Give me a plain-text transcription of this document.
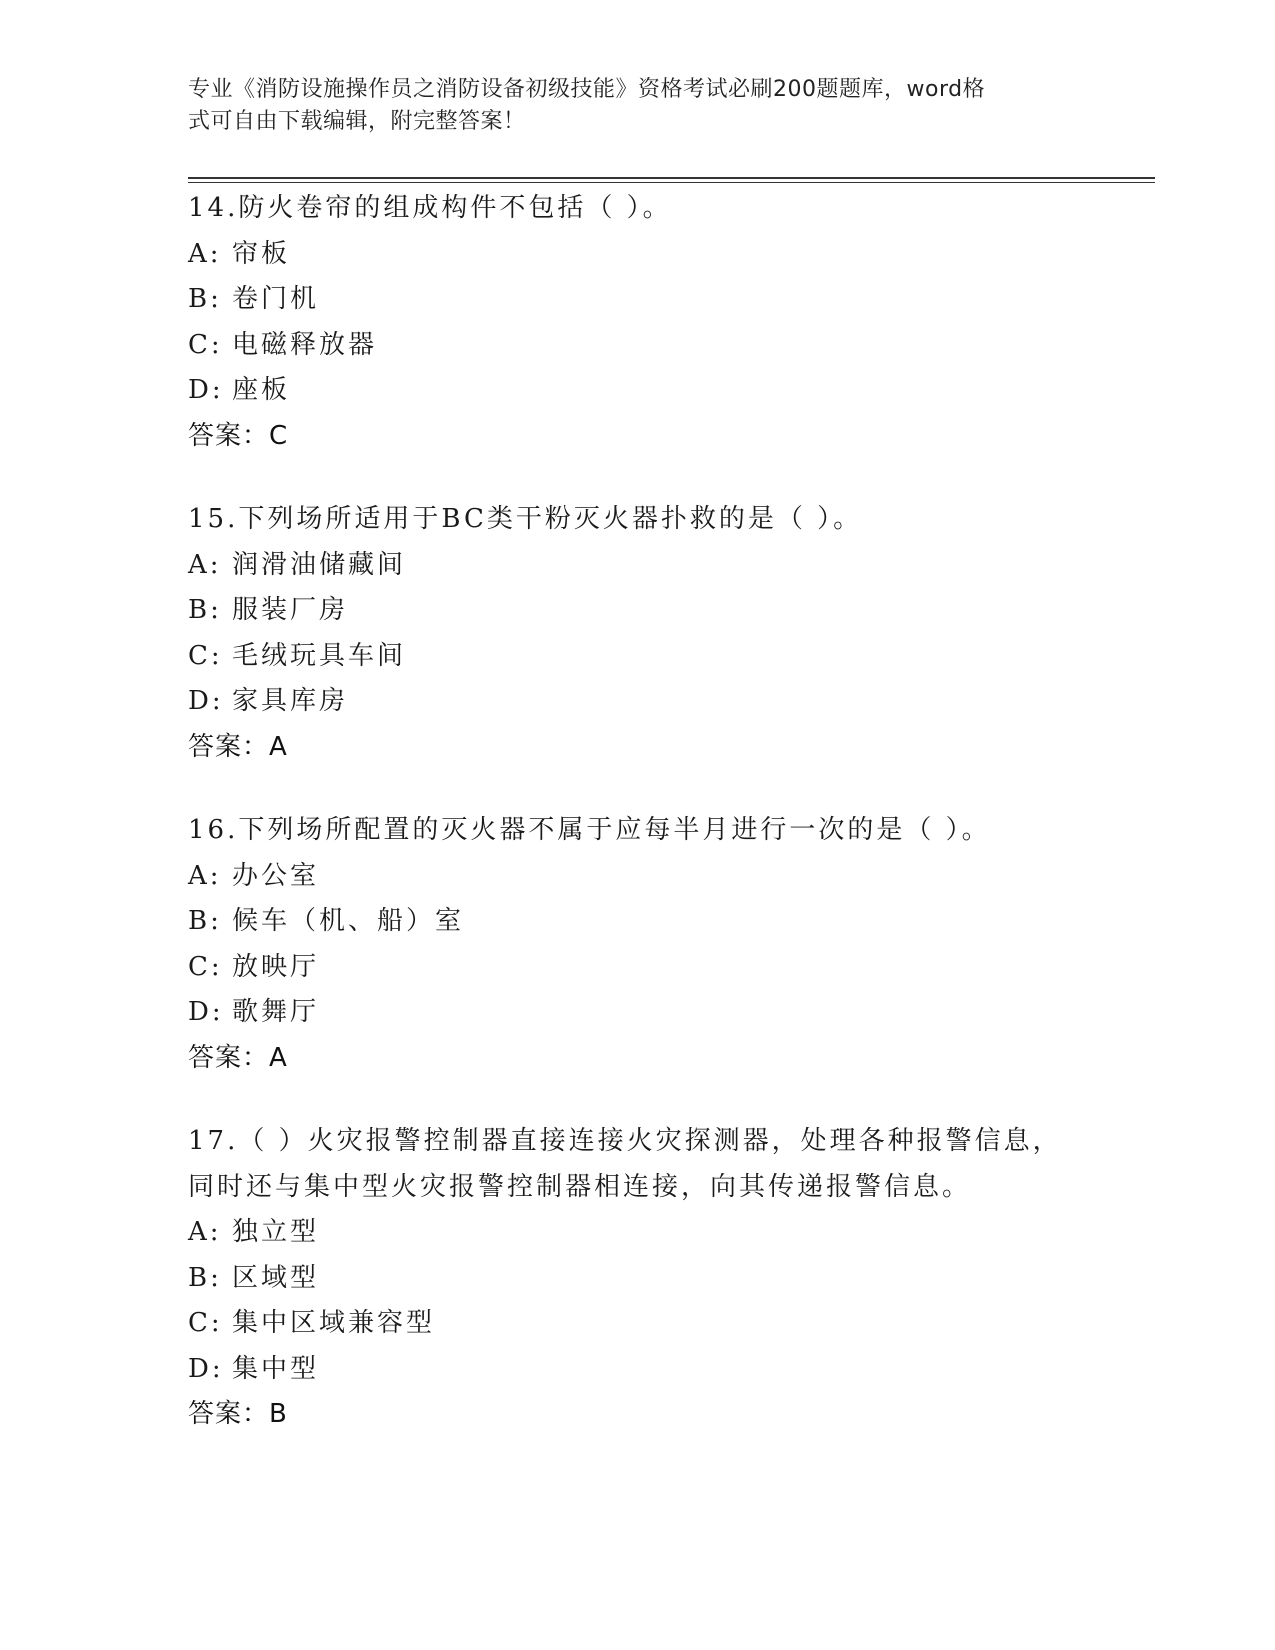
专业《消防设施操作员之消防设备初级技能》资格考试必刷200题题库，word格
式可自由下载编辑，附完整答案！
14.防火卷帘的组成构件不包括（ ）。
A: 帘板
B: 卷门机
C: 电磁释放器
D: 座板
答案：C
15.下列场所适用于BC类干粉灭火器扑救的是（ ）。
A: 润滑油储藏间
B: 服装厂房
C: 毛绒玩具车间
D: 家具库房
答案：A
16.下列场所配置的灭火器不属于应每半月进行一次的是（ ）。
A: 办公室
B: 候车（机、船）室
C: 放映厅
D: 歌舞厅
答案：A
17.（ ）火灾报警控制器直接连接火灾探测器，处理各种报警信息，同时还与集中型火灾报警控制器相连接，向其传递报警信息。
A: 独立型
B: 区域型
C: 集中区域兼容型
D: 集中型
答案：B
